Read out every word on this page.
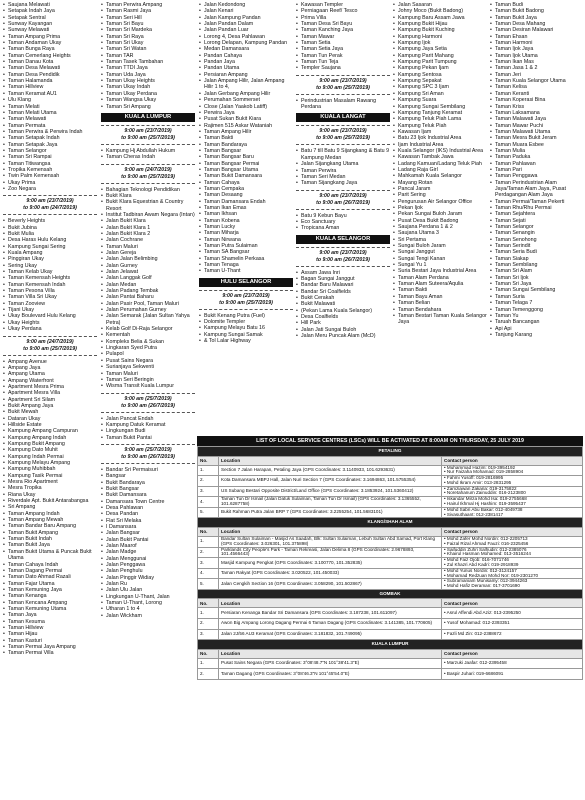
• Saujana Melawati
• Setapak Indah Jaya
• Setapak Sentral
• Sunway Kayangan
• Sunway Melawati
• Taman Ampang Prima
• Taman Andaman Ukay
• Taman Bunga Raya
• Taman Cemerlang Heights
• Taman Danau Kota
• Taman Desa Melawati
• Taman Desa Pendidik
• Taman Halamanda
• Taman Hillview
• Taman Keramat AU1
• Ulu Klang
• Taman Melati
• Taman Melati Utama
• Taman Melawati
• Taman Permata
• Taman Perwira & Perwira Indah
• Taman Setapak Indah
• Taman Setapak Jaya
• Taman Selangor
• Taman Sri Rampai
• Taman Titiwangsa
• Tropika Kemensah
• Twin Palm Kemensah
• Ukay Prima
• Zoo Negara
9:00 am (23/7/2019)
to 9:00 am (24/7/2019)
• Beverly Heights
• Bukit Jubina
• Bukit Mulia
• Desa Haras Hulu Kelang
• Kampung Sungai Sering
• Kuala Ampang
• Pinggiran Ukay
• Sering Ukay
• Taman Kelab Ukay
• Taman Kemensah Heights
• Taman Kemensah Indah
• Taman Pesona Villa
• Taman Villa Sri Ukay
• Taman Zooview
• Tijani Ukay
• Ukay Boulevard Hulu Kelang
• Ukay Heights
• Ukay Perdana
9:00 am (24/7/2019)
to 9:00 am (25/7/2019)
• Ampang Avenue
• Ampang Jaya
• Ampang Utama
• Ampang Waterfront
• Apartment Mesra Prima
• Apartment Mesra Villa
• Apartment Sri Silam
• Bukit Ampang Jaya
• Bukit Mewah
• Dataran Ukay
• Hillside Estate
• Kampung Ampang Campuran
• Kampung Ampang Indah
• Kampung Bukit Ampang
• Kampung Dato Muhit
• Kampung Indah Permai
• Kampung Melayu Ampang
• Kampung Muhibbah
• Kampung Tasik Permai
• Mesra Rio Apartment
• Mesra Tropika
• Riana Ukay
• Riverdale Apt. Bukit Antarabangsa
• Sri Ampang
• Taman Ampang Indah
• Taman Ampang Mewah
• Taman Bandar Baru Ampang
• Taman Bukit Ampang
• Taman Bukit Indah
• Taman Bukit Jaya
• Taman Bukit Utama & Puncak Bukit Utama
• Taman Cahaya Indah
• Taman Dagang Permai
• Taman Dato Ahmad Razali
• Taman Fajar Utama
• Taman Kemuning Jaya
• Taman Kenanga
• Taman Kencana Ampang
• Taman Kemuning Utama
• Taman Jaya
• Taman Kesuma
• Taman Hillview
• Taman Hijau
• Taman Kasturi
• Taman Permai Jaya Ampang
• Taman Permai Villa
• Taman Perwira Ampang
• Taman Rasmi Jaya
• Taman Seri Hill
• Taman Sri Bayu
• Taman Sri Mardeka
• Taman Sri Raya
• Taman Sri Ukay
• Taman Sri Watan
• Taman TAR
• Taman Tasek Tambahan
• Taman TTDI Jaya
• Taman Uda Jaya
• Taman Ukay Heights
• Taman Ukay Indah
• Taman Ukay Perdana
• Taman Wangsa Ukay
• Taman Sri Ampang
KUALA LUMPUR
9:00 am (23/7/2019)
to 9:00 am (25/7/2019)
• Kampung Hj Abdullah Hukum
• Taman Cheras Indah
9:00 am (24/7/2019)
to 9:00 am (25/7/2019)
• Bahagian Teknologi Pendidikan
• Bukit Klara
• Bukit Klara Equestrian & Country Resort
• Institut Tadbiran Awam Negara (Intan)
• Jalan Bukit Klara
• Jalan Bukit Klara 1
• Jalan Bukit Klara 2
• Jalan Cochrane
• Taman Maluri
• Jalan Gereja
• Jalan Jalan Belimbing
• Jalan Gurney
• Jalan Jelawat
• Jalan Langgak Golf
• Jalan Medan
• Jalan Padang Tembak
• Jalan Pantai Baharu
• Jalan Pasir Pool, Taman Maluri
• Jalan Perumahan Gurney
• Jalan Semarak (Jalan Sultan Yahya Petra)
• Kelab Golf Di-Raja Selangor
• Kementah
• Kompleks Belia & Sukan
• Lingkaran Syed Putra
• Pulapol
• Pusat Sains Negara
• Surianjaya Sekwenti
• Taman Maluri
• Taman Seri Beringin
• Wisma Transit Kuala Lumpur
9:00 am (25/7/2019)
to 9:00 am (26/7/2019)
• Jalan Pancat Endah
• Kampung Datuk Keramat
• Lingkungan Budi
• Taman Bukit Pantai
9:00 am (25/7/2019)
to 9:00 am (26/7/2019)
• Bandar Sri Permaisuri
• Bangsar
• Bukit Bandaraya
• Bukit Bangsar
• Bukit Damansara
• Damansara Town Centre
• Desa Pahlawan
• Desa Pandan
• Flat Sri Melaka
• I Damansara
• Jalan Bangsar
• Jalan Bukit Pantai
• Jalan Maarof
• Jalan Madge
• Jalan Menggunai
• Jalan Penggawa
• Jalan Penghulu
• Jalan Pinggir Widiay
• Jalan Ru
• Jalan Ulu Jalan
• Lingkungan U-Thant, Jalan
• Taman U-Thant, Lorong
• Utharan 1 to 4
• Jalan Wickham
• Jalan Kedondong
• Jalan Kenari
• Jalan Kampung Pandan
• Jalan Pandan Dalam
• Jalan Pandan Luar
• Lorong 4, Desa Pahlawan
• Lorong Delapan, Kampung Pandan
• Medan Damansara
• Pandan Cahaya
• Pandan Jaya
• Pandan Utama
• Persiaran Ampang
• Jalan Ampang Hilir, Jalan Ampang Hilir 1 to 4,
• Jalan Gerbang Ampang Hilir
• Perumahan Sommerset
• Close (Jalan Yaakob Latiff)
• Perwira Jaya
• Pusat Sukan Bukit Kiara
• Rajimen 515 Askar Wataniah
• Taman Ampang Hilir
• Taman Bakti
• Taman Bandaraya
• Taman Bangsar
• Taman Bangsar Baru
• Taman Bangsar Permai
• Taman Bangsar Utama
• Taman Bukit Damansara
• Taman Cahaya
• Taman Cempaka
• Taman Desaang
• Taman Damansara Endah
• Taman Ikan Emas
• Taman Ikhsan
• Taman Kobena
• Taman Lucky
• Taman Miharja
• Taman Nirwana
• Taman Putra Sulaiman
• Taman SA Bangsar
• Taman Shamelin Perkasa
• Taman Tenaga
• Taman U-Thant
HULU SELANGOR
9:00 am (23/7/2019)
to 9:00 am (25/7/2019)
• Bukit Kenang Putra (Fuel)
• Dolomite Templer
• Kampung Melayu Batu 16
• Kampung Sungai Samak
• & Tol Lalar Highway
• Kawasan Templer
• Perniagaan Reef/ Tesco
• Prima Villa
• Taman Desa Sri Bayu
• Taman Kanching Jaya
• Taman Mawar
• Taman Setia
• Taman Setia Jaya
• Taman Tun Perak
• Taman Tun Teja
• Templer Saujana
9:00 am (23/7/2019)
to 9:00 am (25/7/2019)
• Perindustrian Masalam Rawang Perdana
KUALA LANGAT
9:00 am (23/7/2019)
to 9:00 am (25/7/2019)
• Batu 7 till Batu 9 Sijangkang & Batu 9 Kampung Medan
• Jalan Sijangkang Utama
• Taman Perwira
• Taman Seri Medan
• Taman Sijangkang Jaya
9:00 am (23/7/2019)
to 9:00 am (26/7/2019)
• Batu 9 Kebun Bayu
• Eco Sanctuary
• Tropicana Aman
KUALA SELANGOR
9:00 am (23/7/2019)
to 9:00 am (26/7/2019)
• Assam Jawa Inri
• Bagan Sungai Janggut
• Bandar Baru Malawari
• Bandar Sri Coalfields
• Bukit Cerakah
• Bukit Malawati
• (Pekan Lama Kuala Selangor)
• Desa Coalfields
• Hill Park
• Jalan Jati Sungai Buloh
• Jalan Meru Puncak Alam (McD)
• Jalan Sasaran
• Johny Moco (Bukit Badong)
• Kampung Baru Assam Jawa
• Kampung Bukit Hijau
• Kampung Bukit Kuching
• Kampung Harmoni
• Kampung Ijok
• Kampung Jaya Setia
• Kampung Parit Mahang
• Kampung Parit Tumpung
• Kampung Pekan Ijam
• Kampung Sentosa
• Kampung Sepakat
• Kampung SPC 3 Ijam
• Kampung Sri Aman
• Kampung Suara
• Kampung Sungai Sembilang
• Kampung Tanjung Keramat
• Kampung Teluk Piah Lama
• Kampung Teluk Piah
• Kawasan Ijam
• Batu 23 Ijok Industrial Area
• Ijam Industrial Area
• Kuala Selangor (IKS) Industrial Area
• Kawasan Tambak Jawa
• Ladang Kamuan/Ladang Teluk Piah
• Ladang Raja Girl
• Mahkamah Kuala Selangor
• Mayang Rotan
• Pancal Jaram
• Parit Sering
• Pengurusan Air Selangor Office
• Pekan Ijok
• Pekan Sungai Buloh Jaram
• Pusat Desa Bukit Badong
• Saujana Perdana 1 & 2
• Saujana Utama 3
• Sri Pertama
• Sungai Buloh Jaram
• Sungai Janggut
• Sungai Tengi Kanan
• Sungai Yu 1
• Suria Bestari Jaya Industrial Area
• Taman Alam Perdana
• Taman Alam Suteera/Aqulia
• Taman Bakti
• Taman Bayu Aman
• Taman Belian
• Taman Bendahara
• Taman Bestari Taman Kuala Selangor Jaya
• Taman Budi
• Taman Bukit Badong
• Taman Bukit Jaya
• Taman Desa Mahang
• Taman Desiran Malawari
• Taman Ehsan
• Taman Harmoni
• Taman Ijok Jaya
• Taman Ijok Utama
• Taman Ikan Mas
• Taman Jasa 1 & 2
• Taman Jeri
• Taman Kuala Selangor Utama
• Taman Kelisa
• Taman Keranti
• Taman Koperasi Bina
• Taman Kriss
• Taman Laksamana
• Taman Malawati Jaya
• Taman Mawar Puchi
• Taman Malawati Utama
• Taman Mesra Bukit Jeram
• Taman Muara Esbee
• Taman Mulia
• Taman Paduka
• Taman Pahlawan
• Taman Pari
• Taman Penggawa
• Taman Perindustrian Alam Jaya/Taman Alam Jaya, Pusat Perdagangan Alam Jaya
• Taman Permai/Taman Pekerti
• Taman Rhu/Rhu Permai
• Taman Sejahtera
• Taman Sejati
• Taman Selangor
• Taman Senangin
• Taman Senohong
• Taman Serindit
• Taman Seria Budi
• Taman Siakap
• Taman Sembilang
• Taman Sri Alam
• Taman Sri Ijok
• Taman Sri Jaya
• Taman Sungai Sembilang
• Taman Suria
• Taman Telaga 7
• Taman Temenggong
• Taman Yu
• Taruah Bancangan
• Api Api
• Tanjung Karang
LIST OF LOCAL SERVICE CENTRES (LSCs) WILL BE ACTIVATED AT 8:00AM ON THURSDAY, 25 JULY 2019
PETALING		
No.	Location	Contact person
1.	Section 7 Jalan Harapan, Petaling Jaya (GPS Coordinates: 3.1140933, 101.6293631)	• Muhammad Hazim: 019-3954192
• Nur Faizaha Mohamad: 019-2858904
2.	Kota Damansara MBPJ Hall, Jalan Nuri Section 7 (GPS Coordinates: 3.1694863, 101.5755354)	• Fahmi Yusoff: 019-2816995
• Mohd Ikram Amir: 013-2831295
3.	US Subang Bestari Opposite District/Land Office (GPS Coordinates: 3.1853924, 101.5360412)	• Zamziawan Zakaria: 019-3175822
• Noretahanum Zainuddin: 016-2123800
4.	Taman Tun Dr Ismail (Jalan Datuk Sulaiman, Taman Tun Dr Ismail) (GPS Coordinates: 3.1365552, 101.6287758)	• Iskandar Mirza Mohd Isa: 019-2755668
• Hairul Ikhmal Hj Hashim: 019-3595437
5.	Bukit Rahman Putra Jalan BRP 7 (GPS Coordinates: 3.2255254, 101.5683101)	• Mohd Sabri Abu Bakar: 012-4049738
• Sivasuthaant: 012-2381417
KLANG/SHAH ALAM		
No.	Location	Contact person
1.	Bandar Sultan Sulaiman - Masjid As Saadah, Blk: Sultan Sulaiman, Lebuh Sultan Abd Samad, Port Klang (GPS Coordinates: 3.026301, 101.375898)	• Mohd Zafer Mohd Nordin: 012-2205713
• Faizal Rizal Ahmad Fauzi: 016-2325456
2.	Parklands City People's Park - Taman Rekreasi, Jalan Delima 8 (GPS Coordinates: 2.9678893, 101.4566443)	• Saifuddin Zuhri Salhudin: 012-2385076
• Khairul Hasman Mohamed: 013-3516244
3.	Masjid Kampung Pengkat (GPS Coordinates: 3.100770, 101.352835)	• Mohd Faiz Ojob: 016-7071746
• Zul Khazri Abd Kadri: 019-2918939
4.	Taman Rakyat (GPS Coordinates: 3.020522, 101.450033)	• Mohd Yunus Nordin: 012-3124157
• Mohamad Redzuan Mohd Nor: 019-2301270
5.	Jalan Cengkih Section 16 (GPS Coordinates: 3.058290, 101.502867)	• Subramaniam Munisamy: 012-3944263
• Mohd Hafiz Deraman: 017-3701690
GOMBAK		
No.	Location	Contact person
1.	Persiaran Kenanga Bandar Sri Damansara (GPS Coordinates: 3.187238, 101.611097)	• Asrul Affendi Abd Aziz: 013-2395250
2.	Awon Big Ampang Lorong Dagang Permai 6 Taman Dagang (GPS Coordinates: 3.141385, 101.770605)	• Yusof Mohamad: 012-2393351
3.	Jalan 2J/56 AU3 Keramat (GPS Coordinates: 3.181832, 101.749095)	• Fazli Md Zin: 012-2388672
KUALA LUMPUR		
No.	Location	Contact person
1.	Pusat Sains Negara (GPS Coordinates: 3°08'48.7"N 101°38'41.3"E)	• Marzuki Jaafar: 012-2395458
2.	Taman Dagang (GPS Coordinates: 3°08'46.3"N 101°45'54.0"E)	• Baspir Juhari: 019-6686091
